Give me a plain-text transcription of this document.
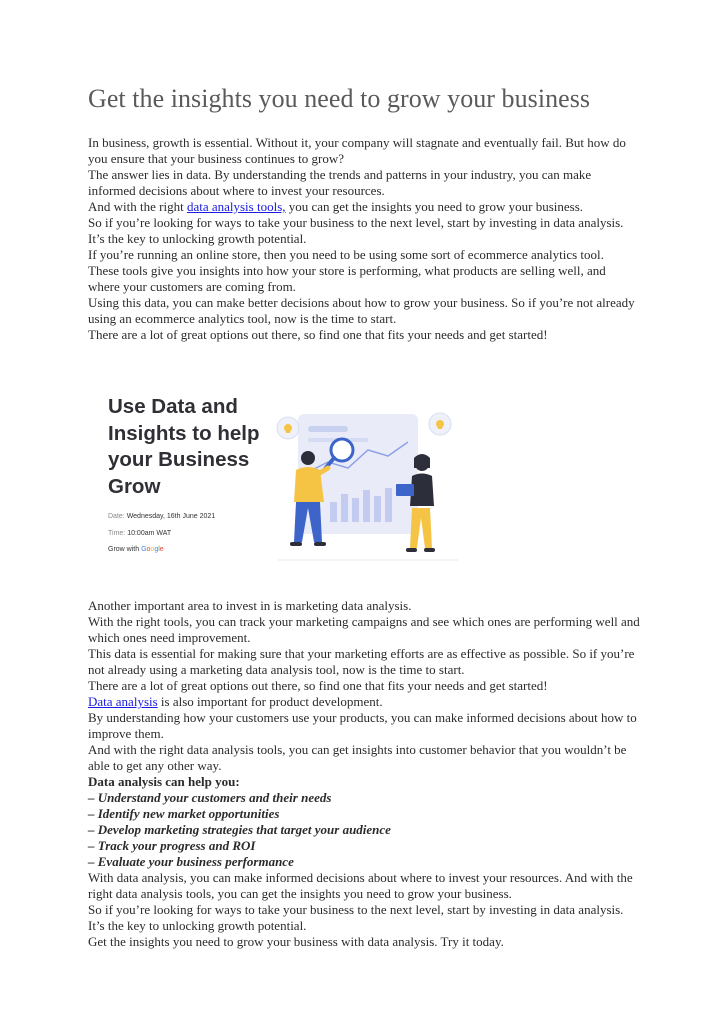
Get the insights you need to grow your business

In business, growth is essential. Without it, your company will stagnate and eventually fail. But how do you ensure that your business continues to grow?

The answer lies in data. By understanding the trends and patterns in your industry, you can make informed decisions about where to invest your resources.

And with the right data analysis tools, you can get the insights you need to grow your business.

So if you’re looking for ways to take your business to the next level, start by investing in data analysis. It’s the key to unlocking growth potential.

If you’re running an online store, then you need to be using some sort of ecommerce analytics tool.

These tools give you insights into how your store is performing, what products are selling well, and where your customers are coming from.

Using this data, you can make better decisions about how to grow your business. So if you’re not already using an ecommerce analytics tool, now is the time to start.

There are a lot of great options out there, so find one that fits your needs and get started!

Use Data and
Insights to help
your Business
Grow
Date: Wednesday, 16th June 2021
Time: 10:00am WAT
Grow with Google

Another important area to invest in is marketing data analysis.

With the right tools, you can track your marketing campaigns and see which ones are performing well and which ones need improvement.

This data is essential for making sure that your marketing efforts are as effective as possible. So if you’re not already using a marketing data analysis tool, now is the time to start.

There are a lot of great options out there, so find one that fits your needs and get started!

Data analysis is also important for product development.

By understanding how your customers use your products, you can make informed decisions about how to improve them.

And with the right data analysis tools, you can get insights into customer behavior that you wouldn’t be able to get any other way.

Data analysis can help you:

– Understand your customers and their needs

– Identify new market opportunities

– Develop marketing strategies that target your audience

– Track your progress and ROI

– Evaluate your business performance

With data analysis, you can make informed decisions about where to invest your resources. And with the right data analysis tools, you can get the insights you need to grow your business.

So if you’re looking for ways to take your business to the next level, start by investing in data analysis. It’s the key to unlocking growth potential.

Get the insights you need to grow your business with data analysis. Try it today.
